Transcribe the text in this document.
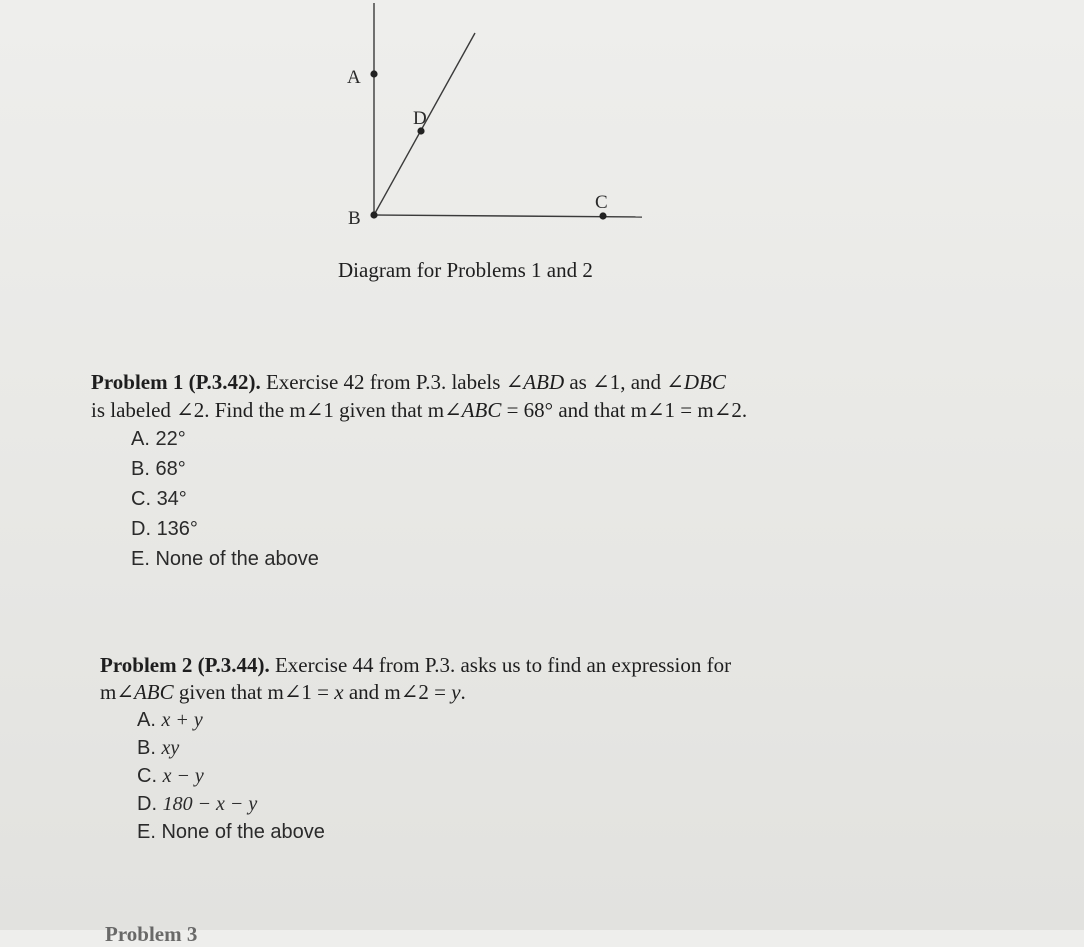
A
B
C
D
Diagram for Problems 1 and 2
Problem 1 (P.3.42). Exercise 42 from P.3. labels ∠ABD as ∠1, and ∠DBC
is labeled ∠2. Find the m∠1 given that m∠ABC = 68° and that m∠1 = m∠2.
A. 22°
B. 68°
C. 34°
D. 136°
E. None of the above
Problem 2 (P.3.44). Exercise 44 from P.3. asks us to find an expression for
m∠ABC given that m∠1 = x and m∠2 = y.
A. x + y
B. xy
C. x − y
D. 180 − x − y
E. None of the above
Problem 3
